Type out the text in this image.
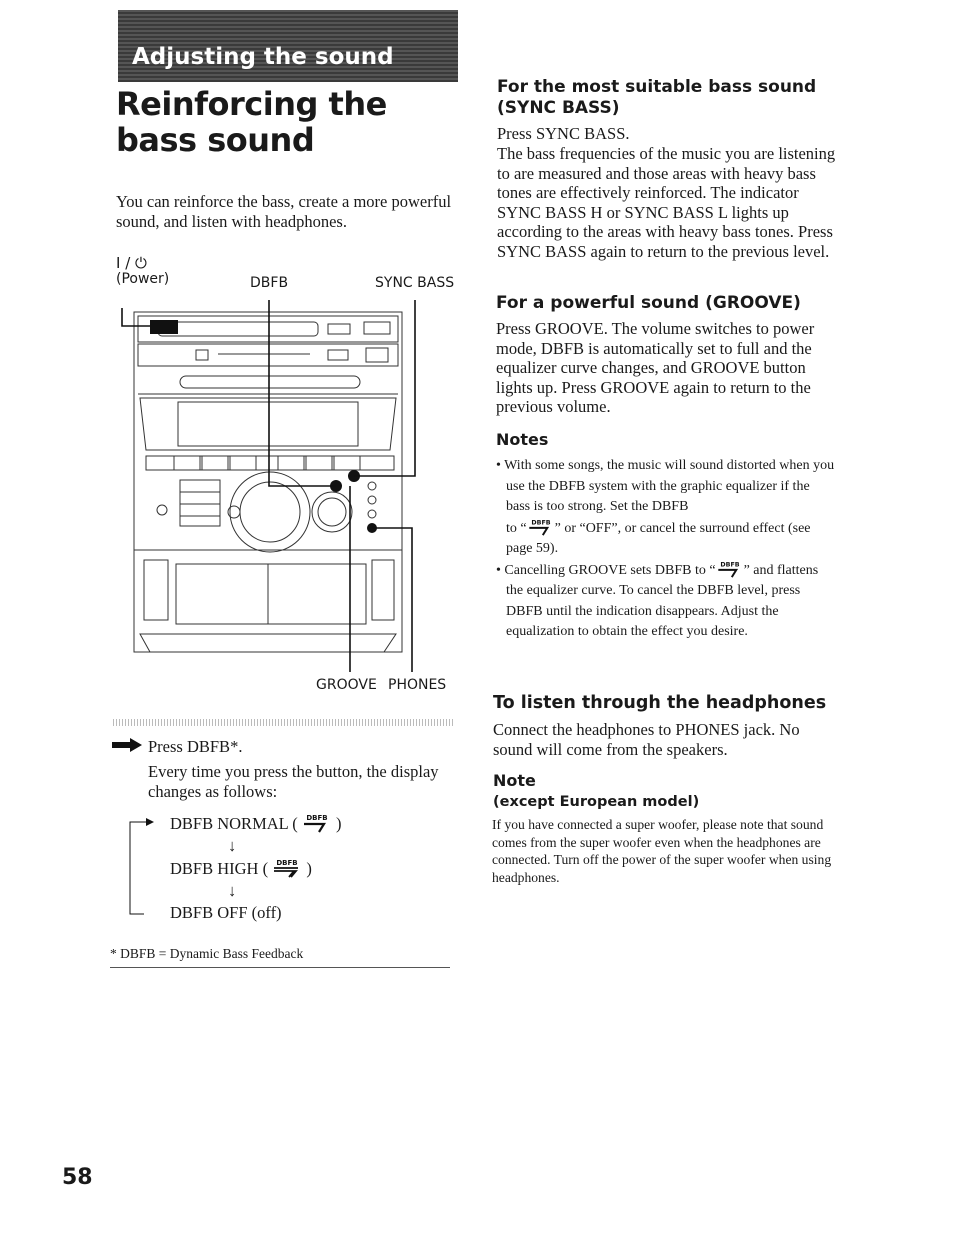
Adjusting the sound
Reinforcing the bass sound
You can reinforce the bass, create a more powerful sound, and listen with headphones.
I / ⏻
(Power)	DBFB	SYNC BASS
GROOVE PHONES
Press DBFB*.
Every time you press the button, the display changes as follows:
DBFB NORMAL ( DBFB )
↓
DBFB HIGH ( DBFB )
↓
DBFB OFF (off)
* DBFB = Dynamic Bass Feedback
For the most suitable bass sound
(SYNC BASS)
Press SYNC BASS.
The bass frequencies of the music you are listening to are measured and those areas with heavy bass tones are effectively reinforced. The indicator SYNC BASS H or SYNC BASS L lights up according to the areas with heavy bass tones. Press SYNC BASS again to return to the previous level.
For a powerful sound (GROOVE)
Press GROOVE. The volume switches to power mode, DBFB is automatically set to full and the equalizer curve changes, and GROOVE button lights up. Press GROOVE again to return to the previous volume.
Notes
• With some songs, the music will sound distorted when you use the DBFB system with the graphic equalizer if the bass is too strong. Set the DBFB
to “ DBFB ” or “OFF”, or cancel the surround effect (see page 59).
• Cancelling GROOVE sets DBFB to “ DBFB ” and flattens the equalizer curve. To cancel the DBFB level, press DBFB until the indication disappears. Adjust the equalization to obtain the effect you desire.
To listen through the headphones
Connect the headphones to PHONES jack. No sound will come from the speakers.
Note
(except European model)
If you have connected a super woofer, please note that sound comes from the super woofer even when the headphones are connected. Turn off the power of the super woofer when using headphones.
58
